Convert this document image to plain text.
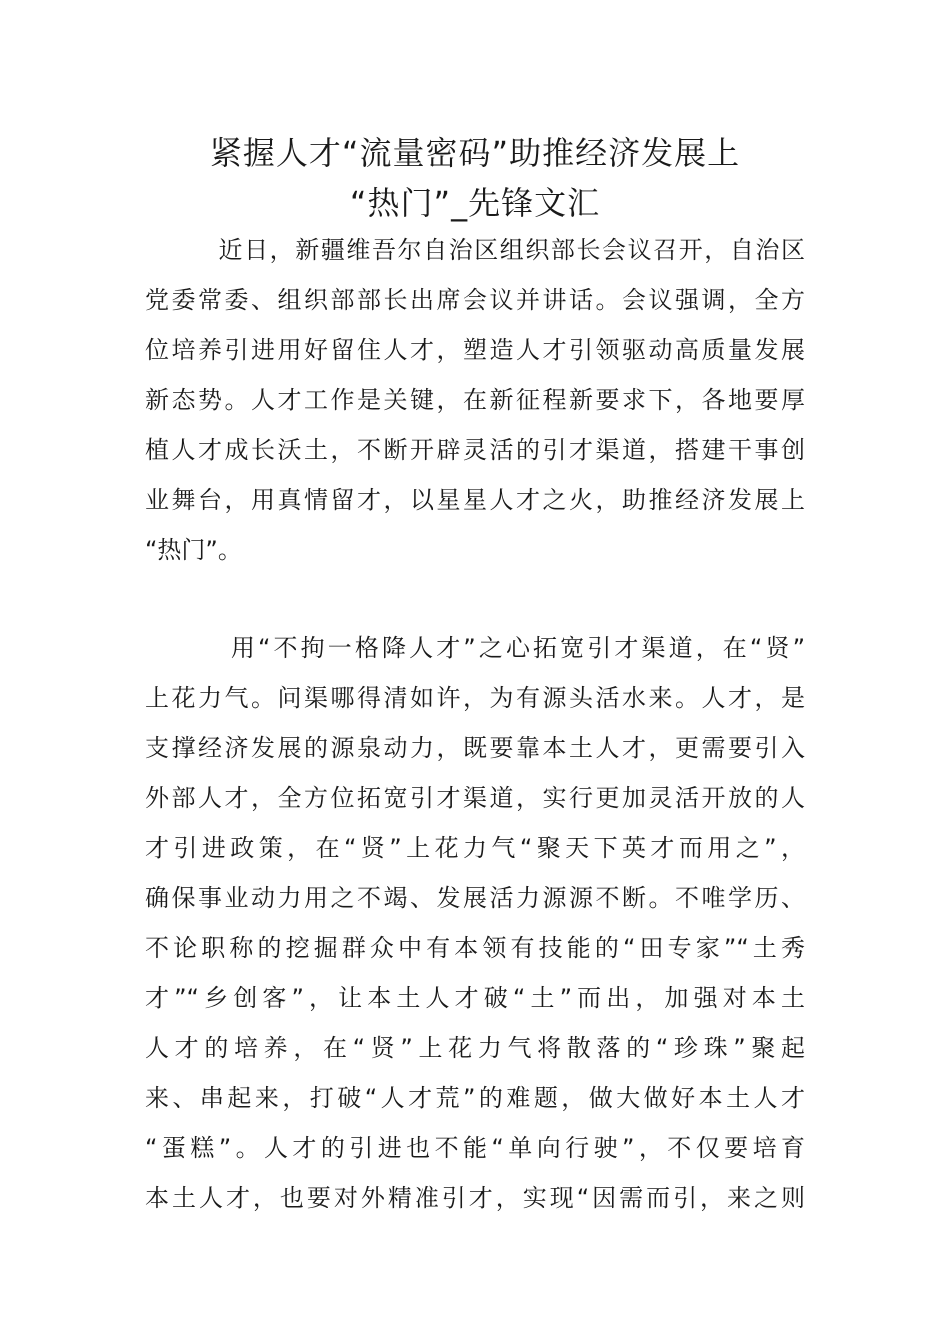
紧握人才“流量密码”助推经济发展上
“热门”_先锋文汇
近日，新疆维吾尔自治区组织部长会议召开，自治区
党委常委、组织部部长出席会议并讲话。会议强调，全方
位培养引进用好留住人才，塑造人才引领驱动高质量发展
新态势。人才工作是关键，在新征程新要求下，各地要厚
植人才成长沃土，不断开辟灵活的引才渠道，搭建干事创
业舞台，用真情留才，以星星人才之火，助推经济发展上
“热门”。
用“不拘一格降人才”之心拓宽引才渠道，在“贤”
上花力气。问渠哪得清如许，为有源头活水来。人才，是
支撑经济发展的源泉动力，既要靠本土人才，更需要引入
外部人才，全方位拓宽引才渠道，实行更加灵活开放的人
才引进政策，在“贤”上花力气“聚天下英才而用之”，
确保事业动力用之不竭、发展活力源源不断。不唯学历、
不论职称的挖掘群众中有本领有技能的“田专家”“土秀
才”“乡创客”，让本土人才破“土”而出，加强对本土
人才的培养，在“贤”上花力气将散落的“珍珠”聚起
来、串起来，打破“人才荒”的难题，做大做好本土人才
“蛋糕”。人才的引进也不能“单向行驶”，不仅要培育
本土人才，也要对外精准引才，实现“因需而引，来之则
